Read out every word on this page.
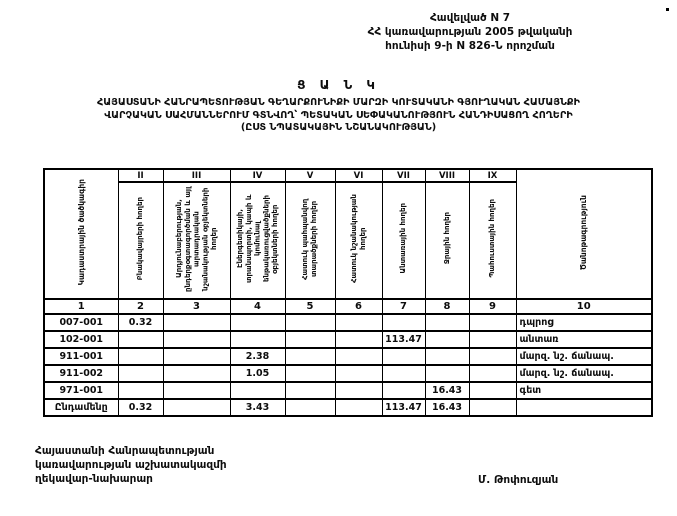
Հավելված N 7
ՀՀ կառավարության 2005 թվականի
հունիսի 9-ի N 826-Ն որոշման
Ց Ա Ն Կ
ՀԱՅԱՍՏԱՆԻ ՀԱՆՐԱՊԵՏՈՒԹՅԱՆ ԳԵՂԱՐՔՈՒՆԻՔԻ ՄԱՐԶԻ ԿՈՒՏԱԿԱՆԻ ԳՅՈՒՂԱԿԱՆ ՀԱՄԱՅՆՔԻ
ՎԱՐՉԱԿԱՆ ՍԱՀՄԱՆՆԵՐՈՒՄ ԳՏՆՎՈՂ՝ ՊԵՏԱԿԱՆ ՍԵՓԱԿԱՆՈՒԹՅՈՒՆ ՀԱՆԴԻՍԱՑՈՂ ՀՈՂԵՐԻ
(ԸՍՏ ՆՊԱՏԱԿԱՅԻՆ ՆՇԱՆԱԿՈՒԹՅԱՆ)
Կադաստրային ծածկագիր	II	III	IV	V	VI	VII	VIII	IX	Ծանոթագրություն
	Բնակավայրերի հողեր	Արդյունաբերության, ընդերքօգտագործման և այլ արտադրական նշանակության օբյեկտների հողեր	Էներգետիկայի, տրանսպորտի, կապի և կոմունալ ենթակառուցվածքների օբյեկտների հողեր	Հատուկ պահպանվող տարածքների հողեր	Հատուկ նշանակության հողեր	Անտառային հողեր	Ջրային հողեր	Պահուստային հողեր	
1	2	3	4	5	6	7	8	9	10
007-001	0.32								դպրոց
102-001						113.47			անտառ
911-001			2.38						մարզ. նշ. ճանապ.
911-002			1.05						մարզ. նշ. ճանապ.
971-001							16.43		գետ
Ընդամենը	0.32		3.43			113.47	16.43		
Հայաստանի Հանրապետության
կառավարության աշխատակազմի
ղեկավար-նախարար	Մ. Թոփուզյան
